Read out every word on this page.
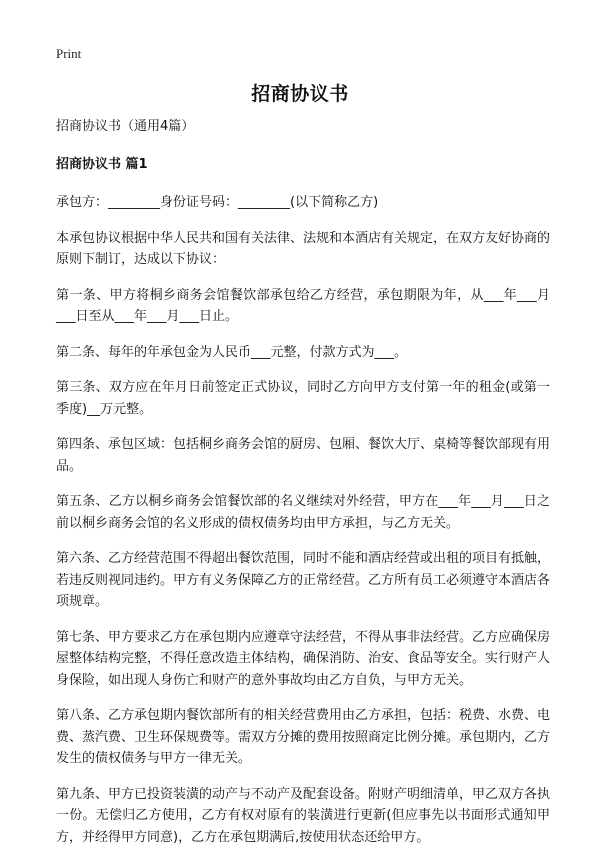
Print
招商协议书

招商协议书（通用4篇）

招商协议书 篇1

承包方：________身份证号码：________(以下简称乙方)

本承包协议根据中华人民共和国有关法律、法规和本酒店有关规定，在双方友好协商的原则下制订，达成以下协议：

第一条、甲方将桐乡商务会馆餐饮部承包给乙方经营，承包期限为年，从___年___月___日至从___年___月___日止。

第二条、每年的年承包金为人民币___元整，付款方式为___。

第三条、双方应在年月日前签定正式协议，同时乙方向甲方支付第一年的租金(或第一季度)__万元整。

第四条、承包区域：包括桐乡商务会馆的厨房、包厢、餐饮大厅、桌椅等餐饮部现有用品。

第五条、乙方以桐乡商务会馆餐饮部的名义继续对外经营，甲方在___年___月___日之前以桐乡商务会馆的名义形成的债权债务均由甲方承担，与乙方无关。

第六条、乙方经营范围不得超出餐饮范围，同时不能和酒店经营或出租的项目有抵触，若违反则视同违约。甲方有义务保障乙方的正常经营。乙方所有员工必须遵守本酒店各项规章。

第七条、甲方要求乙方在承包期内应遵章守法经营，不得从事非法经营。乙方应确保房屋整体结构完整，不得任意改造主体结构，确保消防、治安、食品等安全。实行财产人身保险，如出现人身伤亡和财产的意外事故均由乙方自负，与甲方无关。

第八条、乙方承包期内餐饮部所有的相关经营费用由乙方承担，包括：税费、水费、电费、蒸汽费、卫生环保规费等。需双方分摊的费用按照商定比例分摊。承包期内，乙方发生的债权债务与甲方一律无关。

第九条、甲方已投资装潢的动产与不动产及配套设备。附财产明细清单，甲乙双方各执一份。无偿归乙方使用，乙方有权对原有的装潢进行更新(但应事先以书面形式通知甲方，并经得甲方同意)，乙方在承包期满后,按使用状态还给甲方。
